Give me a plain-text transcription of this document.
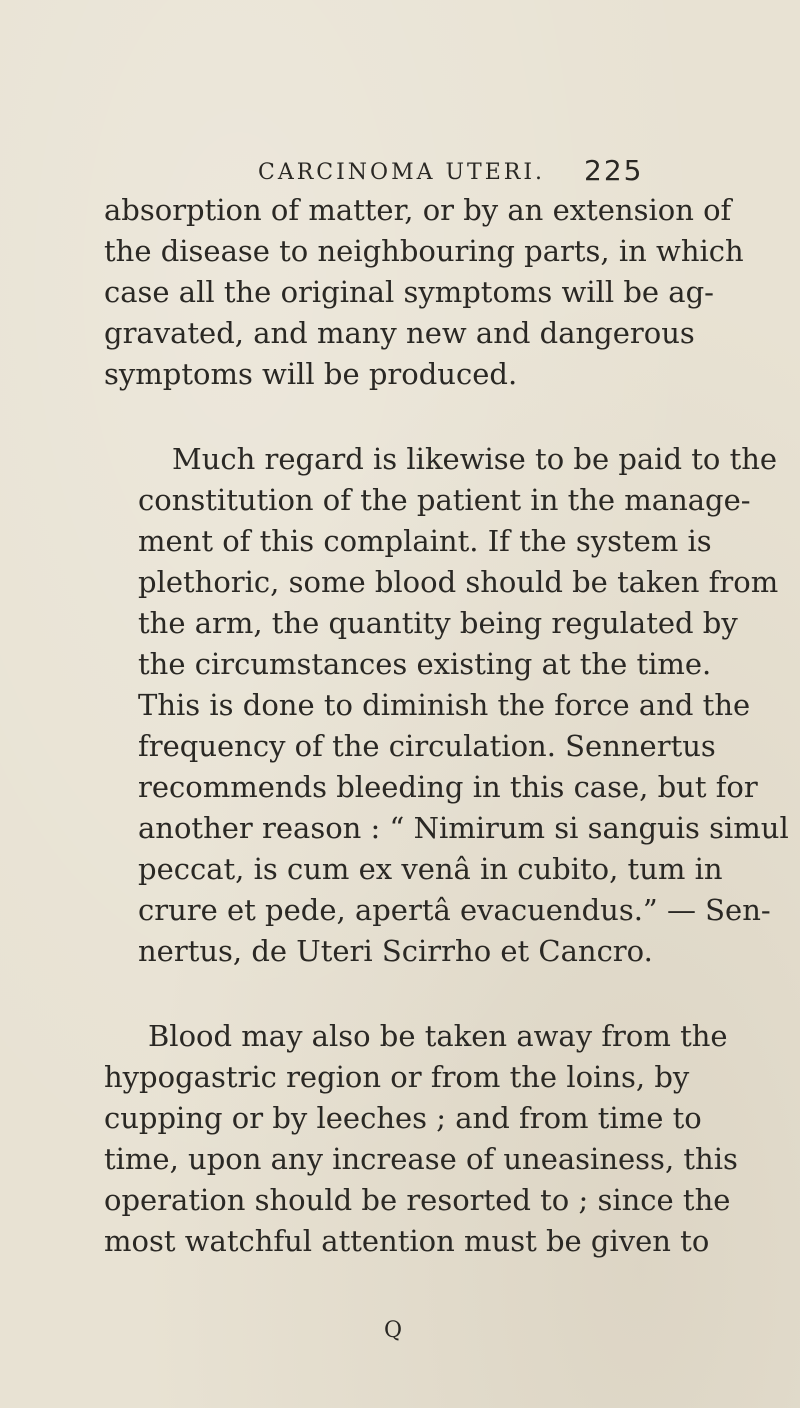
CARCINOMA UTERI. 225

absorption of matter, or by an extension of
the disease to neighbouring parts, in which
case all the original symptoms will be ag-
gravated, and many new and dangerous
symptoms will be produced.

Much regard is likewise to be paid to the
constitution of the patient in the manage-
ment of this complaint. If the system is
plethoric, some blood should be taken from
the arm, the quantity being regulated by
the circumstances existing at the time.
This is done to diminish the force and the
frequency of the circulation. Sennertus
recommends bleeding in this case, but for
another reason : “ Nimirum si sanguis simul
peccat, is cum ex venâ in cubito, tum in
crure et pede, apertâ evacuendus.” — Sen-
nertus, de Uteri Scirrho et Cancro.

Blood may also be taken away from the
hypogastric region or from the loins, by
cupping or by leeches ; and from time to
time, upon any increase of uneasiness, this
operation should be resorted to ; since the
most watchful attention must be given to

Q
